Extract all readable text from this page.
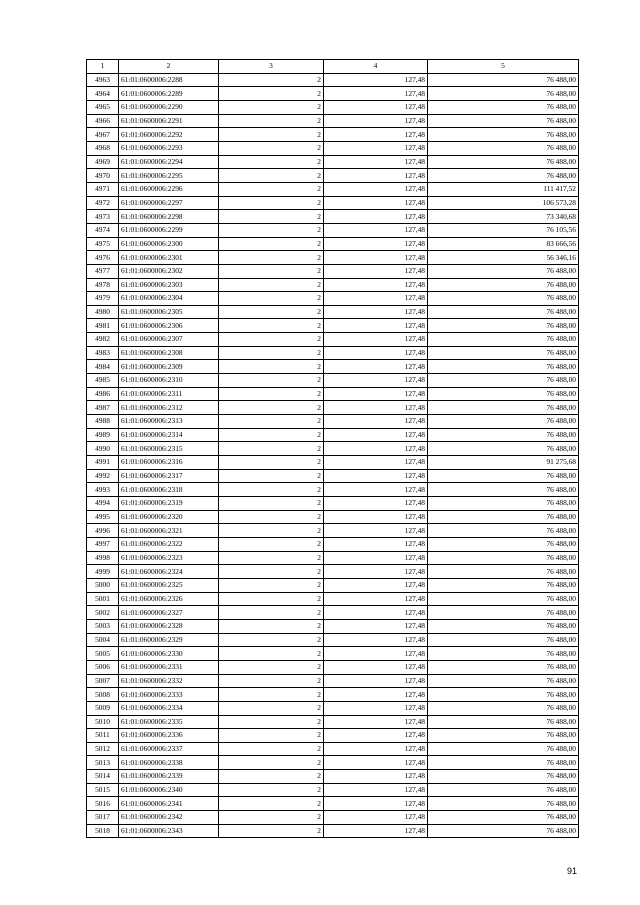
1	2	3	4	5
4963	61:01:0600006:2288	2	127,48	76 488,00
4964	61:01:0600006:2289	2	127,48	76 488,00
4965	61:01:0600006:2290	2	127,48	76 488,00
4966	61:01:0600006:2291	2	127,48	76 488,00
4967	61:01:0600006:2292	2	127,48	76 488,00
4968	61:01:0600006:2293	2	127,48	76 488,00
4969	61:01:0600006:2294	2	127,48	76 488,00
4970	61:01:0600006:2295	2	127,48	76 488,00
4971	61:01:0600006:2296	2	127,48	111 417,52
4972	61:01:0600006:2297	2	127,48	106 573,28
4973	61:01:0600006:2298	2	127,48	73 340,68
4974	61:01:0600006:2299	2	127,48	76 105,56
4975	61:01:0600006:2300	2	127,48	83 666,56
4976	61:01:0600006:2301	2	127,48	56 346,16
4977	61:01:0600006:2302	2	127,48	76 488,00
4978	61:01:0600006:2303	2	127,48	76 488,00
4979	61:01:0600006:2304	2	127,48	76 488,00
4980	61:01:0600006:2305	2	127,48	76 488,00
4981	61:01:0600006:2306	2	127,48	76 488,00
4982	61:01:0600006:2307	2	127,48	76 488,00
4983	61:01:0600006:2308	2	127,48	76 488,00
4984	61:01:0600006:2309	2	127,48	76 488,00
4985	61:01:0600006:2310	2	127,48	76 488,00
4986	61:01:0600006:2311	2	127,48	76 488,00
4987	61:01:0600006:2312	2	127,48	76 488,00
4988	61:01:0600006:2313	2	127,48	76 488,00
4989	61:01:0600006:2314	2	127,48	76 488,00
4990	61:01:0600006:2315	2	127,48	76 488,00
4991	61:01:0600006:2316	2	127,48	91 275,68
4992	61:01:0600006:2317	2	127,48	76 488,00
4993	61:01:0600006:2318	2	127,48	76 488,00
4994	61:01:0600006:2319	2	127,48	76 488,00
4995	61:01:0600006:2320	2	127,48	76 488,00
4996	61:01:0600006:2321	2	127,48	76 488,00
4997	61:01:0600006:2322	2	127,48	76 488,00
4998	61:01:0600006:2323	2	127,48	76 488,00
4999	61:01:0600006:2324	2	127,48	76 488,00
5000	61:01:0600006:2325	2	127,48	76 488,00
5001	61:01:0600006:2326	2	127,48	76 488,00
5002	61:01:0600006:2327	2	127,48	76 488,00
5003	61:01:0600006:2328	2	127,48	76 488,00
5004	61:01:0600006:2329	2	127,48	76 488,00
5005	61:01:0600006:2330	2	127,48	76 488,00
5006	61:01:0600006:2331	2	127,48	76 488,00
5007	61:01:0600006:2332	2	127,48	76 488,00
5008	61:01:0600006:2333	2	127,48	76 488,00
5009	61:01:0600006:2334	2	127,48	76 488,00
5010	61:01:0600006:2335	2	127,48	76 488,00
5011	61:01:0600006:2336	2	127,48	76 488,00
5012	61:01:0600006:2337	2	127,48	76 488,00
5013	61:01:0600006:2338	2	127,48	76 488,00
5014	61:01:0600006:2339	2	127,48	76 488,00
5015	61:01:0600006:2340	2	127,48	76 488,00
5016	61:01:0600006:2341	2	127,48	76 488,00
5017	61:01:0600006:2342	2	127,48	76 488,00
5018	61:01:0600006:2343	2	127,48	76 488,00
91
